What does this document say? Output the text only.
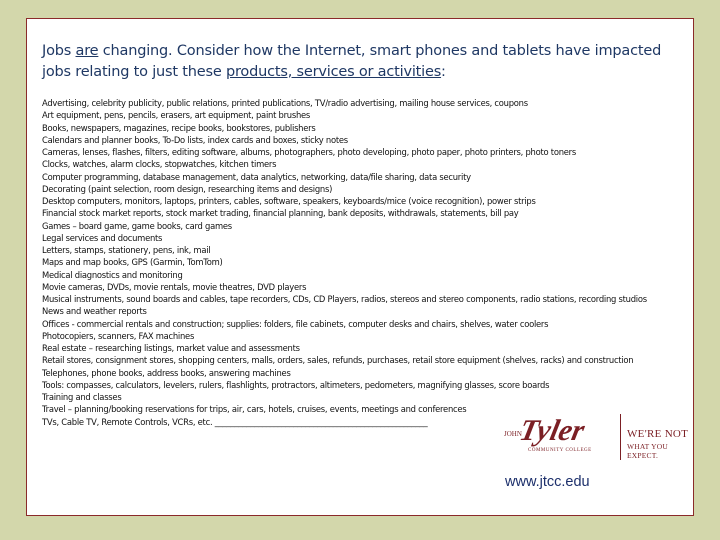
Jobs are changing. Consider how the Internet, smart phones and tablets have impacted jobs relating to just these products, services or activities:
Advertising, celebrity publicity, public relations, printed publications, TV/radio advertising, mailing house services, coupons
Art equipment, pens, pencils, erasers, art equipment, paint brushes
Books, newspapers, magazines, recipe books, bookstores, publishers
Calendars and planner books, To-Do lists, index cards and boxes, sticky notes
Cameras, lenses, flashes, filters, editing software, albums, photographers, photo developing, photo paper, photo printers, photo toners
Clocks, watches, alarm clocks, stopwatches, kitchen timers
Computer programming, database management, data analytics, networking, data/file sharing, data security
Decorating (paint selection, room design, researching items and designs)
Desktop computers, monitors, laptops, printers, cables, software, speakers, keyboards/mice (voice recognition), power strips
Financial stock market reports, stock market trading, financial planning, bank deposits, withdrawals, statements, bill pay
Games – board game, game books, card games
Legal services and documents
Letters, stamps, stationery, pens, ink, mail
Maps and map books, GPS (Garmin, TomTom)
Medical diagnostics and monitoring
Movie cameras, DVDs, movie rentals, movie theatres, DVD players
Musical instruments, sound boards and cables, tape recorders, CDs, CD Players, radios, stereos and stereo components, radio stations, recording studios
News and weather reports
Offices - commercial rentals and construction; supplies: folders, file cabinets, computer desks and chairs, shelves, water coolers
Photocopiers, scanners, FAX machines
Real estate – researching listings, market value and assessments
Retail stores, consignment stores, shopping centers, malls, orders, sales, refunds, purchases, retail store equipment (shelves, racks) and construction
Telephones, phone books, address books, answering machines
Tools: compasses, calculators, levelers, rulers, flashlights, protractors, altimeters, pedometers, magnifying glasses, score boards
Training and classes
Travel – planning/booking reservations for trips, air, cars, hotels, cruises, events, meetings and conferences
TVs, Cable TV, Remote Controls, VCRs, etc. ______________________________________________________
JOHN
Tyler
COMMUNITY COLLEGE
WE'RE NOT
WHAT YOU EXPECT.
www.jtcc.edu
